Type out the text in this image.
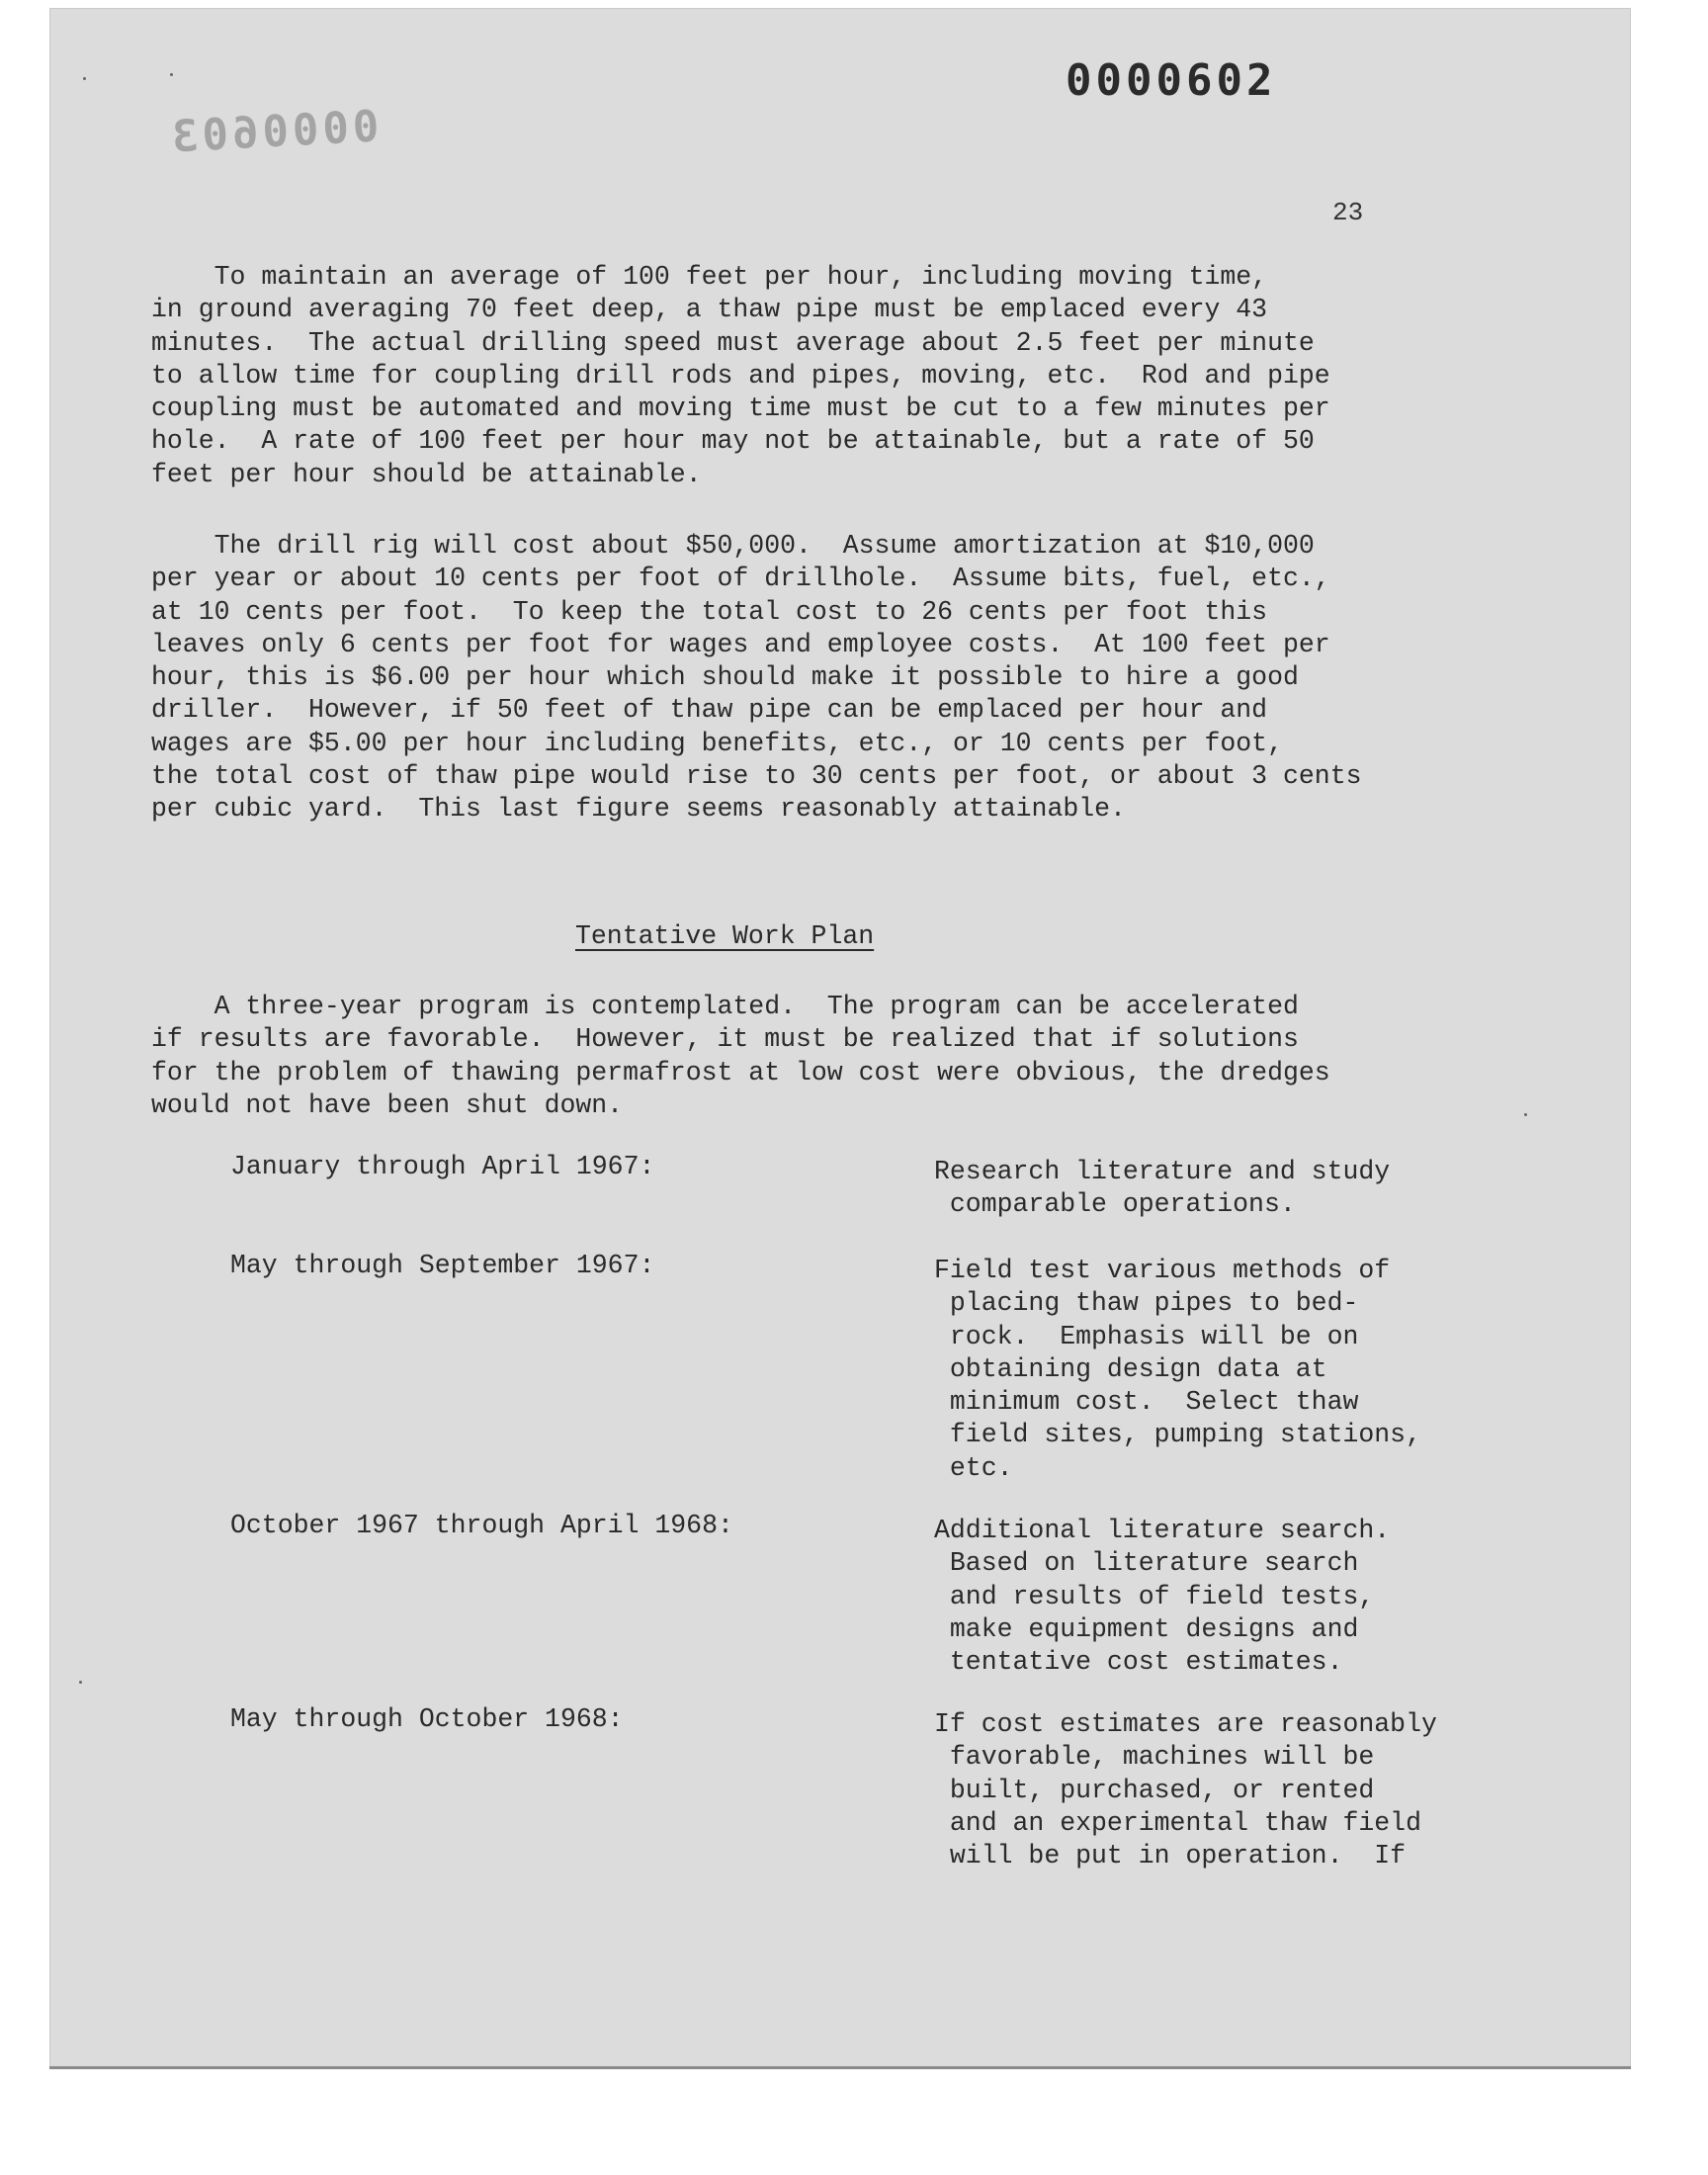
0000602
0000603
23

To maintain an average of 100 feet per hour, including moving time,
in ground averaging 70 feet deep, a thaw pipe must be emplaced every 43
minutes.  The actual drilling speed must average about 2.5 feet per minute
to allow time for coupling drill rods and pipes, moving, etc.  Rod and pipe
coupling must be automated and moving time must be cut to a few minutes per
hole.  A rate of 100 feet per hour may not be attainable, but a rate of 50
feet per hour should be attainable.

The drill rig will cost about $50,000.  Assume amortization at $10,000
per year or about 10 cents per foot of drillhole.  Assume bits, fuel, etc.,
at 10 cents per foot.  To keep the total cost to 26 cents per foot this
leaves only 6 cents per foot for wages and employee costs.  At 100 feet per
hour, this is $6.00 per hour which should make it possible to hire a good
driller.  However, if 50 feet of thaw pipe can be emplaced per hour and
wages are $5.00 per hour including benefits, etc., or 10 cents per foot,
the total cost of thaw pipe would rise to 30 cents per foot, or about 3 cents
per cubic yard.  This last figure seems reasonably attainable.

Tentative Work Plan

A three-year program is contemplated.  The program can be accelerated
if results are favorable.  However, it must be realized that if solutions
for the problem of thawing permafrost at low cost were obvious, the dredges
would not have been shut down.

January through April 1967:	Research literature and study
comparable operations.

May through September 1967:	Field test various methods of
placing thaw pipes to bed-
rock.  Emphasis will be on
obtaining design data at
minimum cost.  Select thaw
field sites, pumping stations,
etc.

October 1967 through April 1968:	Additional literature search.
Based on literature search
and results of field tests,
make equipment designs and
tentative cost estimates.

May through October 1968:	If cost estimates are reasonably
favorable, machines will be
built, purchased, or rented
and an experimental thaw field
will be put in operation.  If
